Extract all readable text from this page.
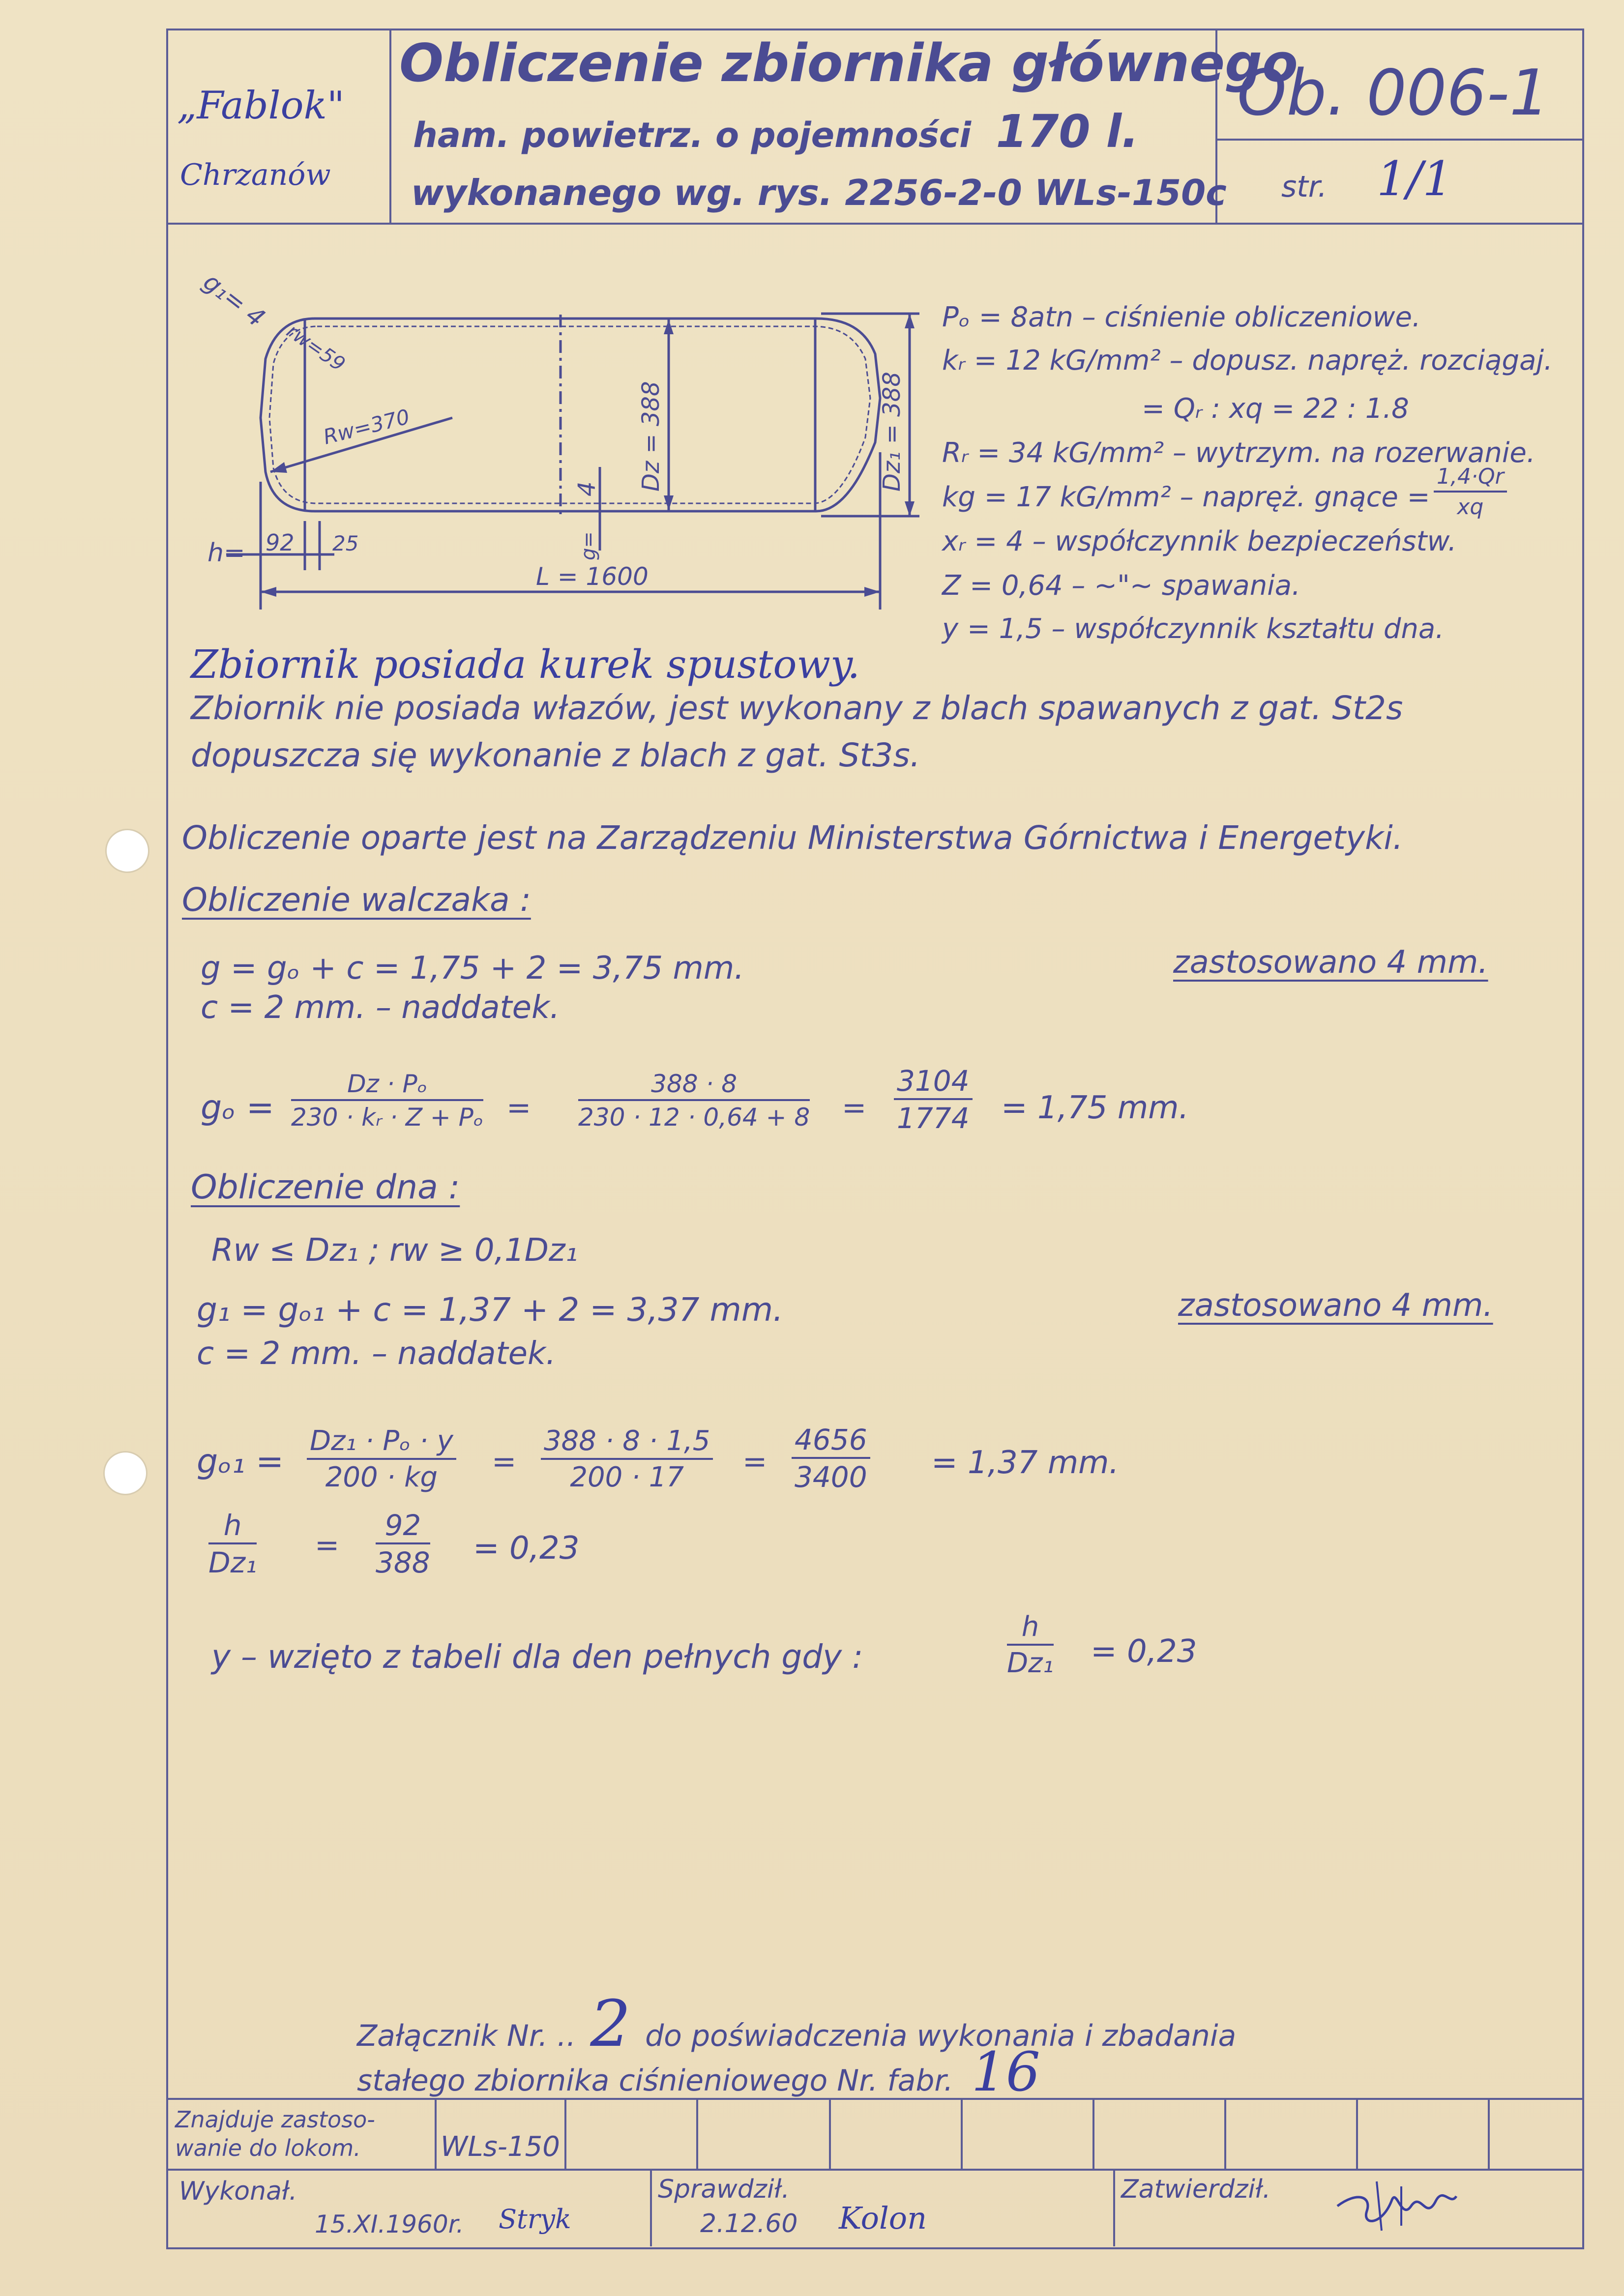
„Fablok"
Chrzanów
Obliczenie zbiornika głównego
ham. powietrz. o pojemności 170 l.
wykonanego wg. rys. 2256-2-0 WLs-150c
Ob. 006-1
str. 1/1
g₁= 4
rw=59
Rw=370	Dz = 388	Dz₁ = 388
4
g=
h= 92 25
L = 1600
Pₒ = 8atn – ciśnienie obliczeniowe.
kᵣ = 12 kG/mm² – dopusz. napręż. rozciągaj.
= Qᵣ : xq = 22 : 1.8
Rᵣ = 34 kG/mm² – wytrzym. na rozerwanie.
kg = 17 kG/mm² – napręż. gnące = $\frac{1,4\cdot Qr}{xq}$
xᵣ = 4 – współczynnik bezpieczeństw.
Z = 0,64 – ~"~ spawania.
y = 1,5 – współczynnik kształtu dna.
Zbiornik posiada kurek spustowy.
Zbiornik nie posiada włazów, jest wykonany z blach spawanych z gat. St2s
dopuszcza się wykonanie z blach z gat. St3s.
Obliczenie oparte jest na Zarządzeniu Ministerstwa Górnictwa i Energetyki.
Obliczenie walczaka :
g = gₒ + c = 1,75 + 2 = 3,75 mm.
c = 2 mm. – naddatek.
zastosowano 4 mm.
$g_o = \frac{\text{Dz · Pₒ}}{\text{230 · kᵣ · Z + Pₒ}} = \frac{388 \cdot 8}{230 \cdot 12 \cdot 0,64 + 8} = \frac{3104}{1774} = 1,75$ mm.
Obliczenie dna :
Rw ≤ Dz₁ ; rw ≥ 0,1Dz₁
g₁ = gₒ₁ + c = 1,37 + 2 = 3,37 mm.
c = 2 mm. – naddatek.
zastosowano 4 mm.
$g_{o1} = \frac{\text{Dz₁ · Pₒ · y}}{200 \cdot kg} = \frac{388 \cdot 8 \cdot 1,5}{200 \cdot 17} = \frac{4656}{3400} = 1,37$ mm.
$\frac{h}{\text{Dz₁}} = \frac{92}{388} = 0,23$
y – wzięto z tabeli dla den pełnych gdy :	$\frac{h}{\text{Dz₁}} = 0,23$
Załącznik Nr. .. 2 do poświadczenia wykonania i zbadania
stałego zbiornika ciśnieniowego Nr. fabr. 16
Znajduje zastoso-
wanie do lokom.	WLs-150
Wykonał.
15.XI.1960r. Stryk
Sprawdził.
2.12.60 Kolon
Zatwierdził.
